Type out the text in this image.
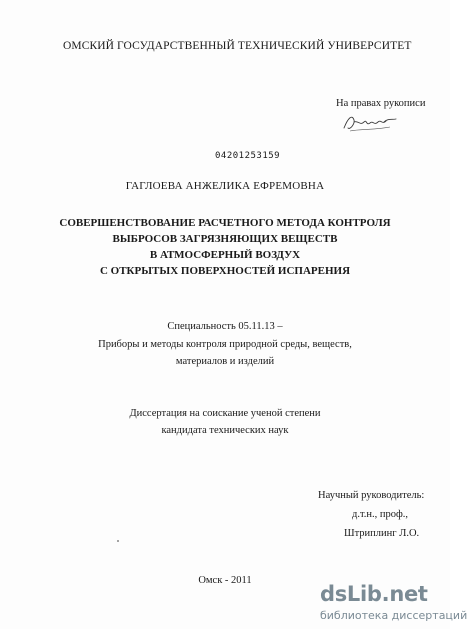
ОМСКИЙ ГОСУДАРСТВЕННЫЙ ТЕХНИЧЕСКИЙ УНИВЕРСИТЕТ
На правах рукописи
04201253159
ГАГЛОЕВА АНЖЕЛИКА ЕФРЕМОВНА
СОВЕРШЕНСТВОВАНИЕ РАСЧЕТНОГО МЕТОДА КОНТРОЛЯ
ВЫБРОСОВ ЗАГРЯЗНЯЮЩИХ ВЕЩЕСТВ
В АТМОСФЕРНЫЙ ВОЗДУХ
С ОТКРЫТЫХ ПОВЕРХНОСТЕЙ ИСПАРЕНИЯ
Специальность 05.11.13 –
Приборы и методы контроля природной среды, веществ,
материалов и изделий
Диссертация на соискание ученой степени
кандидата технических наук
Научный руководитель:
д.т.н., проф.,
Штриплинг Л.О.
Омск - 2011
dsLib.net
библиотека диссертаций
